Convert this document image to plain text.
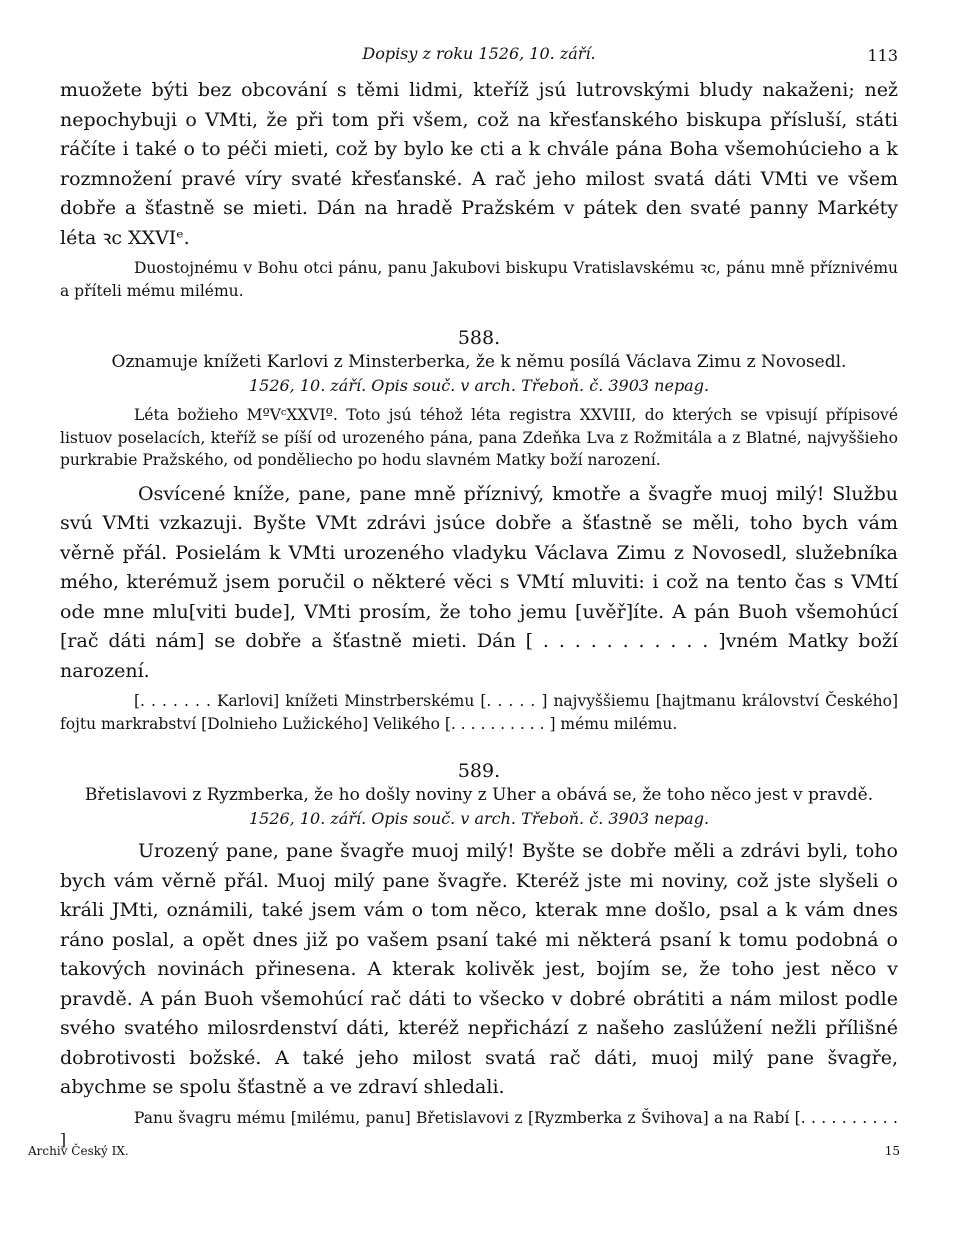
Dopisy z roku 1526, 10. září.	113

muožete býti bez obcování s těmi lidmi, kteříž jsú lutrovskými bludy nakaženi; než nepochybuji o VMti, že při tom při všem, což na křesťanského biskupa přísluší, státi ráčíte i také o to péči mieti, což by bylo ke cti a k chvále pána Boha všemohúcieho a k rozmnožení pravé víry svaté křesťanské. A rač jeho milost svatá dáti VMti ve všem dobře a šťastně se mieti. Dán na hradě Pražském v pátek den svaté panny Markéty léta ꝛc XXVIᵉ.

Duostojnému v Bohu otci pánu, panu Jakubovi biskupu Vratislavskému ꝛc, pánu mně příznivému a příteli mému milému.

588.
Oznamuje knížeti Karlovi z Minsterberka, že k němu posílá Václava Zimu z Novosedl.
1526, 10. září. Opis souč. v arch. Třeboň. č. 3903 nepag.

Léta božieho MºVᶜXXVIº. Toto jsú téhož léta registra XXVIII, do kterých se vpisují přípisové listuov poselacích, kteříž se píší od urozeného pána, pana Zdeňka Lva z Rožmitála a z Blatné, najvyššieho purkrabie Pražského, od ponděliecho po hodu slavném Matky boží narození.

Osvícené kníže, pane, pane mně příznivý, kmotře a švagře muoj milý! Službu svú VMti vzkazuji. Byšte VMt zdrávi jsúce dobře a šťastně se měli, toho bych vám věrně přál. Posielám k VMti urozeného vladyku Václava Zimu z Novosedl, služebníka mého, kterémuž jsem poručil o některé věci s VMtí mluviti: i což na tento čas s VMtí ode mne mlu[viti bude], VMti prosím, že toho jemu [uvěř]íte. A pán Buoh všemohúcí [rač dáti nám] se dobře a šťastně mieti. Dán [ . . . . . . . . . . . ]vném Matky boží narození.

[. . . . . . . Karlovi] knížeti Minstrberskému [. . . . . ] najvyššiemu [hajtmanu království Českého] fojtu markrabství [Dolnieho Lužického] Velikého [. . . . . . . . . . ] mému milému.

589.
Břetislavovi z Ryzmberka, že ho došly noviny z Uher a obává se, že toho něco jest v pravdě.
1526, 10. září. Opis souč. v arch. Třeboň. č. 3903 nepag.

Urozený pane, pane švagře muoj milý! Byšte se dobře měli a zdrávi byli, toho bych vám věrně přál. Muoj milý pane švagře. Kteréž jste mi noviny, což jste slyšeli o králi JMti, oznámili, také jsem vám o tom něco, kterak mne došlo, psal a k vám dnes ráno poslal, a opět dnes již po vašem psaní také mi některá psaní k tomu podobná o takových novinách přinesena. A kterak kolivěk jest, bojím se, že toho jest něco v pravdě. A pán Buoh všemohúcí rač dáti to všecko v dobré obrátiti a nám milost podle svého svatého milosrdenství dáti, kteréž nepřichází z našeho zaslúžení nežli přílišné dobrotivosti božské. A také jeho milost svatá rač dáti, muoj milý pane švagře, abychme se spolu šťastně a ve zdraví shledali.

Panu švagru mému [milému, panu] Břetislavovi z [Ryzmberka z Švihova] a na Rabí [. . . . . . . . . . ]

Archiv Český IX.	15
